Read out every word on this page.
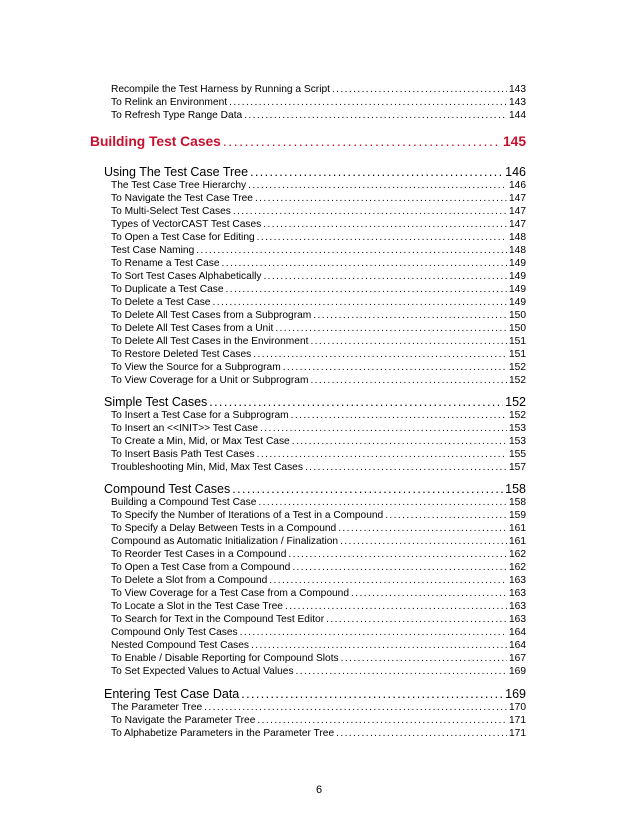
Recompile the Test Harness by Running a Script .....	143
To Relink an Environment .....	143
To Refresh Type Range Data .....	144
Building Test Cases .....	145
Using The Test Case Tree .....	146
The Test Case Tree Hierarchy .....	146
To Navigate the Test Case Tree .....	147
To Multi-Select Test Cases .....	147
Types of VectorCAST Test Cases .....	147
To Open a Test Case for Editing .....	148
Test Case Naming .....	148
To Rename a Test Case .....	149
To Sort Test Cases Alphabetically .....	149
To Duplicate a Test Case .....	149
To Delete a Test Case .....	149
To Delete All Test Cases from a Subprogram .....	150
To Delete All Test Cases from a Unit .....	150
To Delete All Test Cases in the Environment .....	151
To Restore Deleted Test Cases .....	151
To View the Source for a Subprogram .....	152
To View Coverage for a Unit or Subprogram .....	152
Simple Test Cases .....	152
To Insert a Test Case for a Subprogram .....	152
To Insert an <<INIT>> Test Case .....	153
To Create a Min, Mid, or Max Test Case .....	153
To Insert Basis Path Test Cases .....	155
Troubleshooting Min, Mid, Max Test Cases .....	157
Compound Test Cases .....	158
Building a Compound Test Case .....	158
To Specify the Number of Iterations of a Test in a Compound .....	159
To Specify a Delay Between Tests in a Compound .....	161
Compound as Automatic Initialization / Finalization .....	161
To Reorder Test Cases in a Compound .....	162
To Open a Test Case from a Compound .....	162
To Delete a Slot from a Compound .....	163
To View Coverage for a Test Case from a Compound .....	163
To Locate a Slot in the Test Case Tree .....	163
To Search for Text in the Compound Test Editor .....	163
Compound Only Test Cases .....	164
Nested Compound Test Cases .....	164
To Enable / Disable Reporting for Compound Slots .....	167
To Set Expected Values to Actual Values .....	169
Entering Test Case Data .....	169
The Parameter Tree .....	170
To Navigate the Parameter Tree .....	171
To Alphabetize Parameters in the Parameter Tree .....	171
6
